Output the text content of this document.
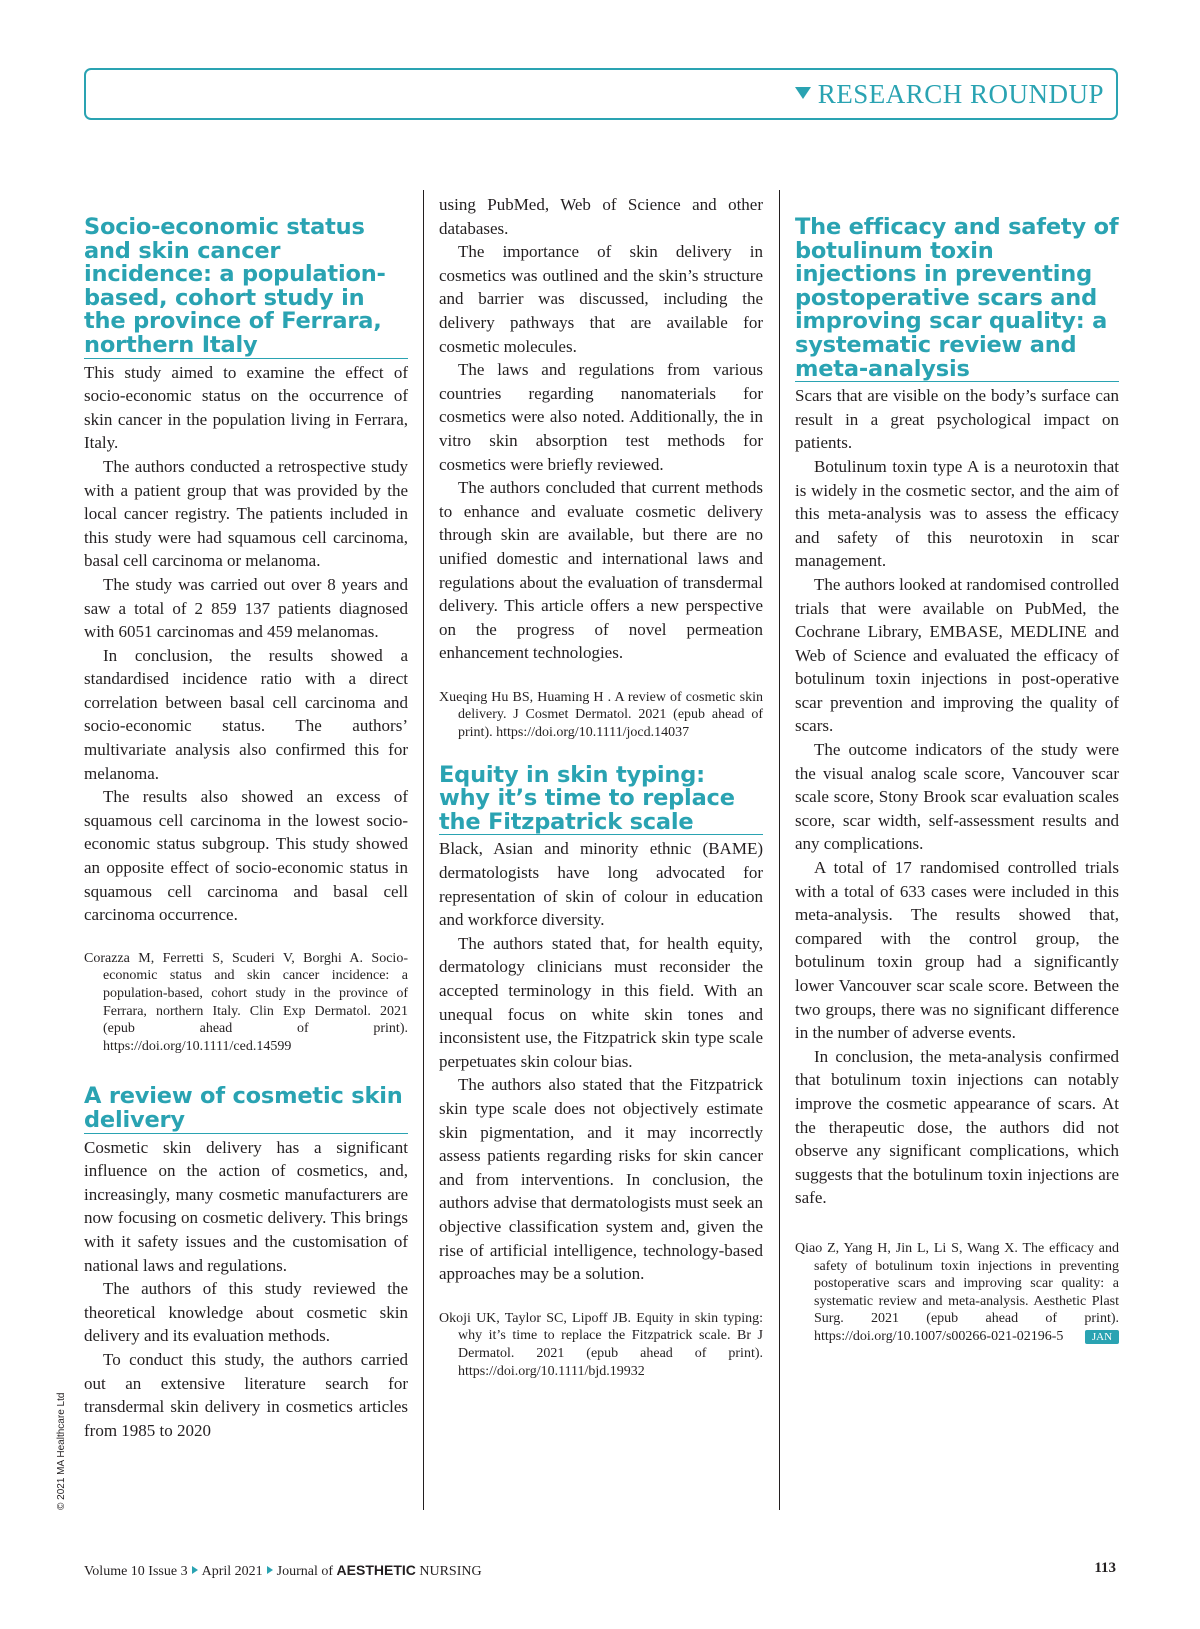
RESEARCH ROUNDUP
Socio-economic status and skin cancer incidence: a population-based, cohort study in the province of Ferrara, northern Italy

This study aimed to examine the effect of socio-economic status on the occurrence of skin cancer in the population living in Ferrara, Italy.

The authors conducted a retrospective study with a patient group that was provided by the local cancer registry. The patients included in this study were had squamous cell carcinoma, basal cell carcinoma or melanoma.

The study was carried out over 8 years and saw a total of 2 859 137 patients diagnosed with 6051 carcinomas and 459 melanomas.

In conclusion, the results showed a standardised incidence ratio with a direct correlation between basal cell carcinoma and socio-economic status. The authors’ multivariate analysis also confirmed this for melanoma.

The results also showed an excess of squamous cell carcinoma in the lowest socio-economic status subgroup. This study showed an opposite effect of socio-economic status in squamous cell carcinoma and basal cell carcinoma occurrence.

Corazza M, Ferretti S, Scuderi V, Borghi A. Socio-economic status and skin cancer incidence: a population-based, cohort study in the province of Ferrara, northern Italy. Clin Exp Dermatol. 2021 (epub ahead of print). https://doi.org/10.1111/ced.14599

A review of cosmetic skin delivery

Cosmetic skin delivery has a significant influence on the action of cosmetics, and, increasingly, many cosmetic manufacturers are now focusing on cosmetic delivery. This brings with it safety issues and the customisation of national laws and regulations.

The authors of this study reviewed the theoretical knowledge about cosmetic skin delivery and its evaluation methods.

To conduct this study, the authors carried out an extensive literature search for transdermal skin delivery in cosmetics articles from 1985 to 2020

using PubMed, Web of Science and other databases.

The importance of skin delivery in cosmetics was outlined and the skin’s structure and barrier was discussed, including the delivery pathways that are available for cosmetic molecules.

The laws and regulations from various countries regarding nanomaterials for cosmetics were also noted. Additionally, the in vitro skin absorption test methods for cosmetics were briefly reviewed.

The authors concluded that current methods to enhance and evaluate cosmetic delivery through skin are available, but there are no unified domestic and international laws and regulations about the evaluation of transdermal delivery. This article offers a new perspective on the progress of novel permeation enhancement technologies.

Xueqing Hu BS, Huaming H . A review of cosmetic skin delivery. J Cosmet Dermatol. 2021 (epub ahead of print). https://doi.org/10.1111/jocd.14037

Equity in skin typing: why it’s time to replace the Fitzpatrick scale

Black, Asian and minority ethnic (BAME) dermatologists have long advocated for representation of skin of colour in education and workforce diversity.

The authors stated that, for health equity, dermatology clinicians must reconsider the accepted terminology in this field. With an unequal focus on white skin tones and inconsistent use, the Fitzpatrick skin type scale perpetuates skin colour bias.

The authors also stated that the Fitzpatrick skin type scale does not objectively estimate skin pigmentation, and it may incorrectly assess patients regarding risks for skin cancer and from interventions. In conclusion, the authors advise that dermatologists must seek an objective classification system and, given the rise of artificial intelligence, technology-based approaches may be a solution.

Okoji UK, Taylor SC, Lipoff JB. Equity in skin typing: why it’s time to replace the Fitzpatrick scale. Br J Dermatol. 2021 (epub ahead of print). https://doi.org/10.1111/bjd.19932

The efficacy and safety of botulinum toxin injections in preventing postoperative scars and improving scar quality: a systematic review and meta-analysis

Scars that are visible on the body’s surface can result in a great psychological impact on patients.

Botulinum toxin type A is a neurotoxin that is widely in the cosmetic sector, and the aim of this meta-analysis was to assess the efficacy and safety of this neurotoxin in scar management.

The authors looked at randomised controlled trials that were available on PubMed, the Cochrane Library, EMBASE, MEDLINE and Web of Science and evaluated the efficacy of botulinum toxin injections in post-operative scar prevention and improving the quality of scars.

The outcome indicators of the study were the visual analog scale score, Vancouver scar scale score, Stony Brook scar evaluation scales score, scar width, self-assessment results and any complications.

A total of 17 randomised controlled trials with a total of 633 cases were included in this meta-analysis. The results showed that, compared with the control group, the botulinum toxin group had a significantly lower Vancouver scar scale score. Between the two groups, there was no significant difference in the number of adverse events.

In conclusion, the meta-analysis confirmed that botulinum toxin injections can notably improve the cosmetic appearance of scars. At the therapeutic dose, the authors did not observe any significant complications, which suggests that the botulinum toxin injections are safe.

Qiao Z, Yang H, Jin L, Li S, Wang X. The efficacy and safety of botulinum toxin injections in preventing postoperative scars and improving scar quality: a systematic review and meta-analysis. Aesthetic Plast Surg. 2021 (epub ahead of print). https://doi.org/10.1007/s00266-021-02196-5	JAN
© 2021 MA Healthcare Ltd
Volume 10 Issue 3 April 2021 Journal of AESTHETIC NURSING	113
